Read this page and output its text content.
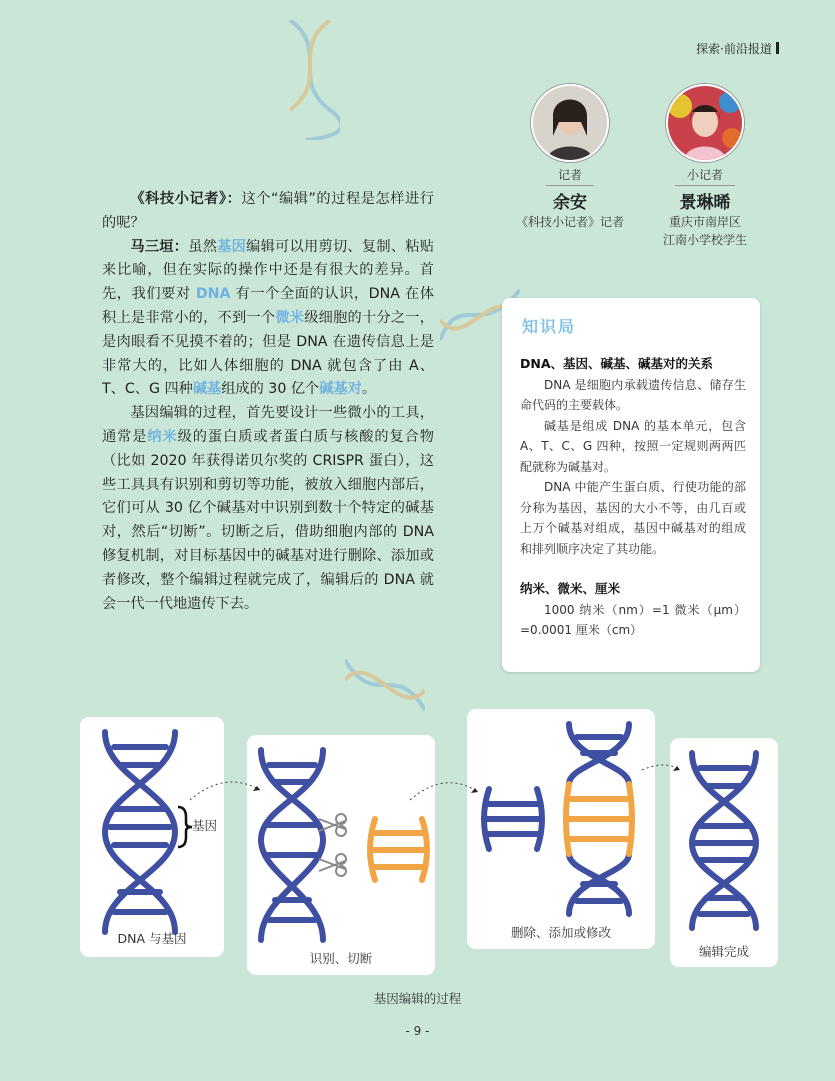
探索·前沿报道
记者
余安
《科技小记者》记者
小记者
景琳晞
重庆市南岸区
江南小学校学生

《科技小记者》：这个“编辑”的过程是怎样进行的呢？

马三垣：虽然基因编辑可以用剪切、复制、粘贴来比喻，但在实际的操作中还是有很大的差异。首先，我们要对 DNA 有一个全面的认识，DNA 在体积上是非常小的，不到一个微米级细胞的十分之一，是肉眼看不见摸不着的；但是 DNA 在遗传信息上是非常大的，比如人体细胞的 DNA 就包含了由 A、T、C、G 四种碱基组成的 30 亿个碱基对。

基因编辑的过程，首先要设计一些微小的工具，通常是纳米级的蛋白质或者蛋白质与核酸的复合物（比如 2020 年获得诺贝尔奖的 CRISPR 蛋白），这些工具具有识别和剪切等功能，被放入细胞内部后，它们可从 30 亿个碱基对中识别到数十个特定的碱基对，然后“切断”。切断之后，借助细胞内部的 DNA 修复机制，对目标基因中的碱基对进行删除、添加或者修改，整个编辑过程就完成了，编辑后的 DNA 就会一代一代地遗传下去。

知识局
DNA、基因、碱基、碱基对的关系

DNA 是细胞内承载遗传信息、储存生命代码的主要载体。

碱基是组成 DNA 的基本单元，包含 A、T、C、G 四种，按照一定规则两两匹配就称为碱基对。

DNA 中能产生蛋白质、行使功能的部分称为基因，基因的大小不等，由几百或上万个碱基对组成，基因中碱基对的组成和排列顺序决定了其功能。

纳米、微米、厘米

1000 纳米（nm）=1 微米（μm）=0.0001 厘米（cm）

基因
DNA 与基因
识别、切断
删除、添加或修改
编辑完成
基因编辑的过程
- 9 -
